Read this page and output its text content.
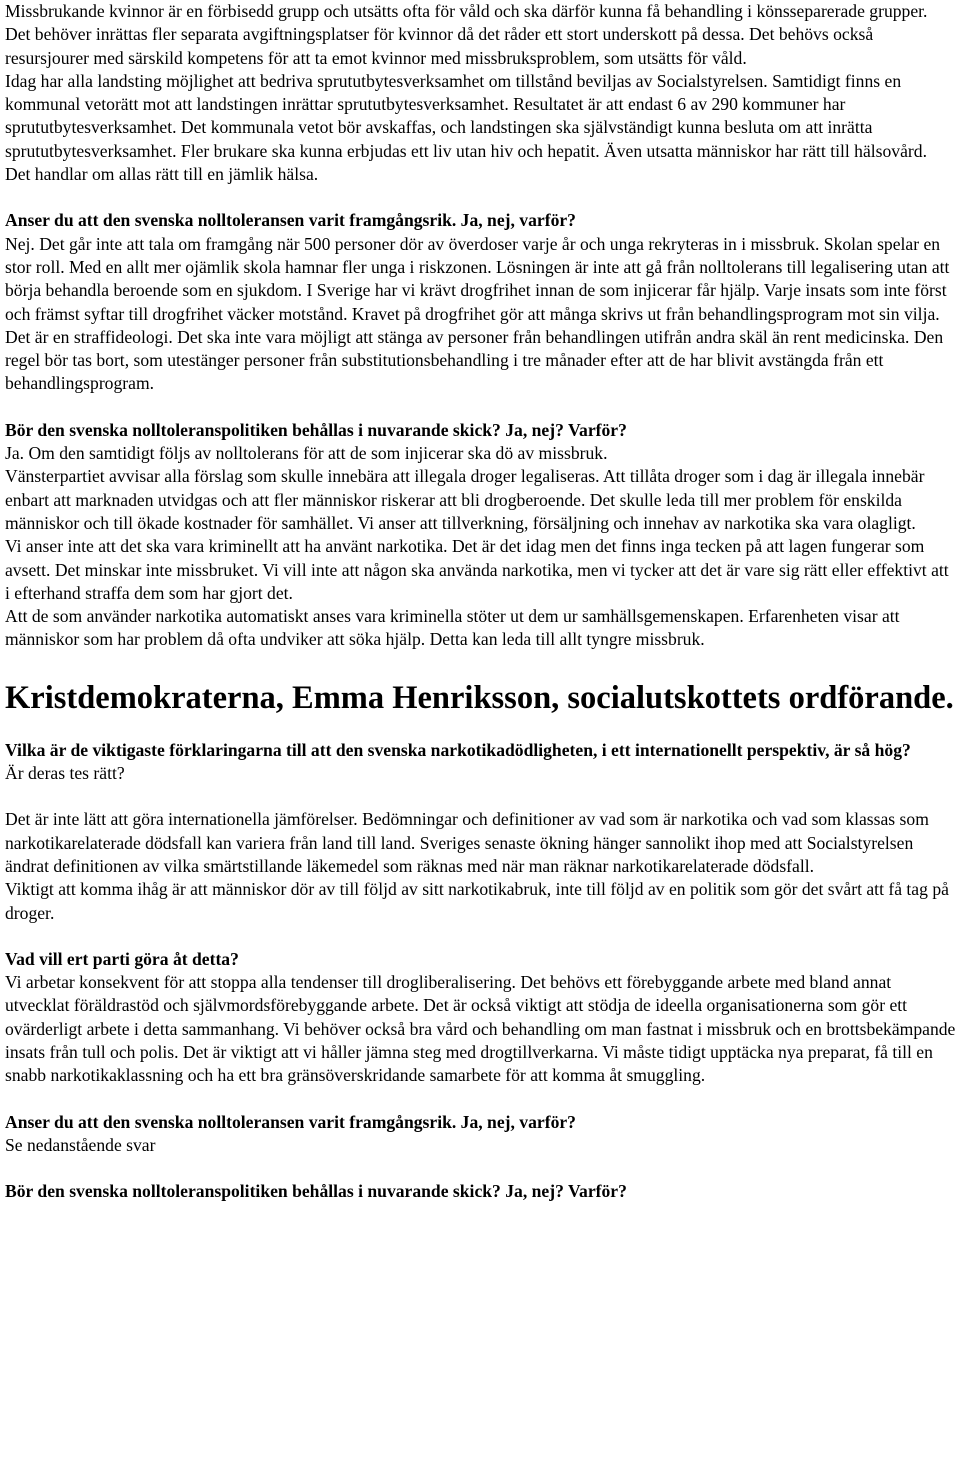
Missbrukande kvinnor är en förbisedd grupp och utsätts ofta för våld och ska därför kunna få behandling i könsseparerade grupper. Det behöver inrättas fler separata avgiftningsplatser för kvinnor då det råder ett stort underskott på dessa. Det behövs också resursjourer med särskild kompetens för att ta emot kvinnor med missbruksproblem, som utsätts för våld.

Idag har alla landsting möjlighet att bedriva sprututbytesverksamhet om tillstånd beviljas av Socialstyrelsen. Samtidigt finns en kommunal vetorätt mot att landstingen inrättar sprututbytesverksamhet. Resultatet är att endast 6 av 290 kommuner har sprututbytesverksamhet. Det kommunala vetot bör avskaffas, och landstingen ska självständigt kunna besluta om att inrätta sprututbytesverksamhet. Fler brukare ska kunna erbjudas ett liv utan hiv och hepatit. Även utsatta människor har rätt till hälsovård. Det handlar om allas rätt till en jämlik hälsa.

Anser du att den svenska nolltoleransen varit framgångsrik. Ja, nej, varför?

Nej. Det går inte att tala om framgång när 500 personer dör av överdoser varje år och unga rekryteras in i missbruk. Skolan spelar en stor roll. Med en allt mer ojämlik skola hamnar fler unga i riskzonen. Lösningen är inte att gå från nolltolerans till legalisering utan att börja behandla beroende som en sjukdom. I Sverige har vi krävt drogfrihet innan de som injicerar får hjälp. Varje insats som inte först och främst syftar till drogfrihet väcker motstånd. Kravet på drogfrihet gör att många skrivs ut från behandlingsprogram mot sin vilja. Det är en straffideologi. Det ska inte vara möjligt att stänga av personer från behandlingen utifrån andra skäl än rent medicinska. Den regel bör tas bort, som utestänger personer från substitutionsbehandling i tre månader efter att de har blivit avstängda från ett behandlingsprogram.

Bör den svenska nolltoleranspolitiken behållas i nuvarande skick? Ja, nej? Varför?

Ja. Om den samtidigt följs av nolltolerans för att de som injicerar ska dö av missbruk.

Vänsterpartiet avvisar alla förslag som skulle innebära att illegala droger legaliseras. Att tillåta droger som i dag är illegala innebär enbart att marknaden utvidgas och att fler människor riskerar att bli drogberoende. Det skulle leda till mer problem för enskilda människor och till ökade kostnader för samhället. Vi anser att tillverkning, försäljning och innehav av narkotika ska vara olagligt.

Vi anser inte att det ska vara kriminellt att ha använt narkotika. Det är det idag men det finns inga tecken på att lagen fungerar som avsett. Det minskar inte missbruket. Vi vill inte att någon ska använda narkotika, men vi tycker att det är vare sig rätt eller effektivt att i efterhand straffa dem som har gjort det.

Att de som använder narkotika automatiskt anses vara kriminella stöter ut dem ur samhällsgemenskapen. Erfarenheten visar att människor som har problem då ofta undviker att söka hjälp. Detta kan leda till allt tyngre missbruk.

Kristdemokraterna, Emma Henriksson, socialutskottets ordförande.

Vilka är de viktigaste förklaringarna till att den svenska narkotikadödligheten, i ett internationellt perspektiv, är så hög?

Är deras tes rätt?

Det är inte lätt att göra internationella jämförelser. Bedömningar och definitioner av vad som är narkotika och vad som klassas som narkotikarelaterade dödsfall kan variera från land till land. Sveriges senaste ökning hänger sannolikt ihop med att Socialstyrelsen ändrat definitionen av vilka smärtstillande läkemedel som räknas med när man räknar narkotikarelaterade dödsfall.

Viktigt att komma ihåg är att människor dör av till följd av sitt narkotikabruk, inte till följd av en politik som gör det svårt att få tag på droger.

Vad vill ert parti göra åt detta?

Vi arbetar konsekvent för att stoppa alla tendenser till drogliberalisering. Det behövs ett förebyggande arbete med bland annat utvecklat föräldrastöd och självmordsförebyggande arbete. Det är också viktigt att stödja de ideella organisationerna som gör ett ovärderligt arbete i detta sammanhang. Vi behöver också bra vård och behandling om man fastnat i missbruk och en brottsbekämpande insats från tull och polis. Det är viktigt att vi håller jämna steg med drogtillverkarna. Vi måste tidigt upptäcka nya preparat, få till en snabb narkotikaklassning och ha ett bra gränsöverskridande samarbete för att komma åt smuggling.

Anser du att den svenska nolltoleransen varit framgångsrik. Ja, nej, varför?

Se nedanstående svar

Bör den svenska nolltoleranspolitiken behållas i nuvarande skick? Ja, nej? Varför?
